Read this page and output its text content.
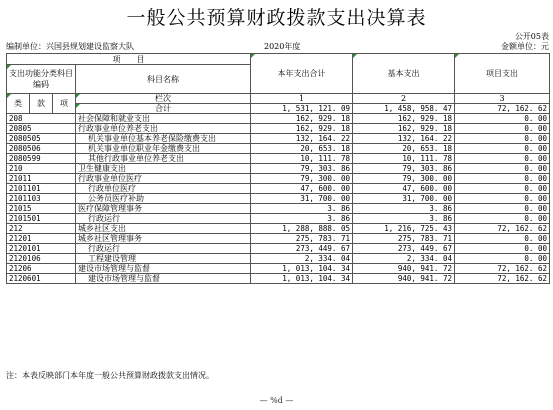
一般公共预算财政拨款支出决算表
公开05表
编制单位：兴国县规划建设监察大队	2020年度	金额单位：元
项　　目				本年支出合计	基本支出	项目支出
支出功能分类科目编码			科目名称			
类	款	项				
			栏次	1	2	3
			合计	1, 531, 121. 09	1, 458, 958. 47	72, 162. 62
208			社会保障和就业支出	162, 929. 18	162, 929. 18	0. 00
20805			行政事业单位养老支出	162, 929. 18	162, 929. 18	0. 00
2080505			机关事业单位基本养老保险缴费支出	132, 164. 22	132, 164. 22	0. 00
2080506			机关事业单位职业年金缴费支出	20, 653. 18	20, 653. 18	0. 00
2080599			其他行政事业单位养老支出	10, 111. 78	10, 111. 78	0. 00
210			卫生健康支出	79, 303. 86	79, 303. 86	0. 00
21011			行政事业单位医疗	79, 300. 00	79, 300. 00	0. 00
2101101			行政单位医疗	47, 600. 00	47, 600. 00	0. 00
2101103			公务员医疗补助	31, 700. 00	31, 700. 00	0. 00
21015			医疗保障管理事务	3. 86	3. 86	0. 00
2101501			行政运行	3. 86	3. 86	0. 00
212			城乡社区支出	1, 288, 888. 05	1, 216, 725. 43	72, 162. 62
21201			城乡社区管理事务	275, 783. 71	275, 783. 71	0. 00
2120101			行政运行	273, 449. 67	273, 449. 67	0. 00
2120106			工程建设管理	2, 334. 04	2, 334. 04	0. 00
21206			建设市场管理与监督	1, 013, 104. 34	940, 941. 72	72, 162. 62
2120601			建设市场管理与监督	1, 013, 104. 34	940, 941. 72	72, 162. 62
注：本表反映部门本年度一般公共预算财政拨款支出情况。
— %d —
